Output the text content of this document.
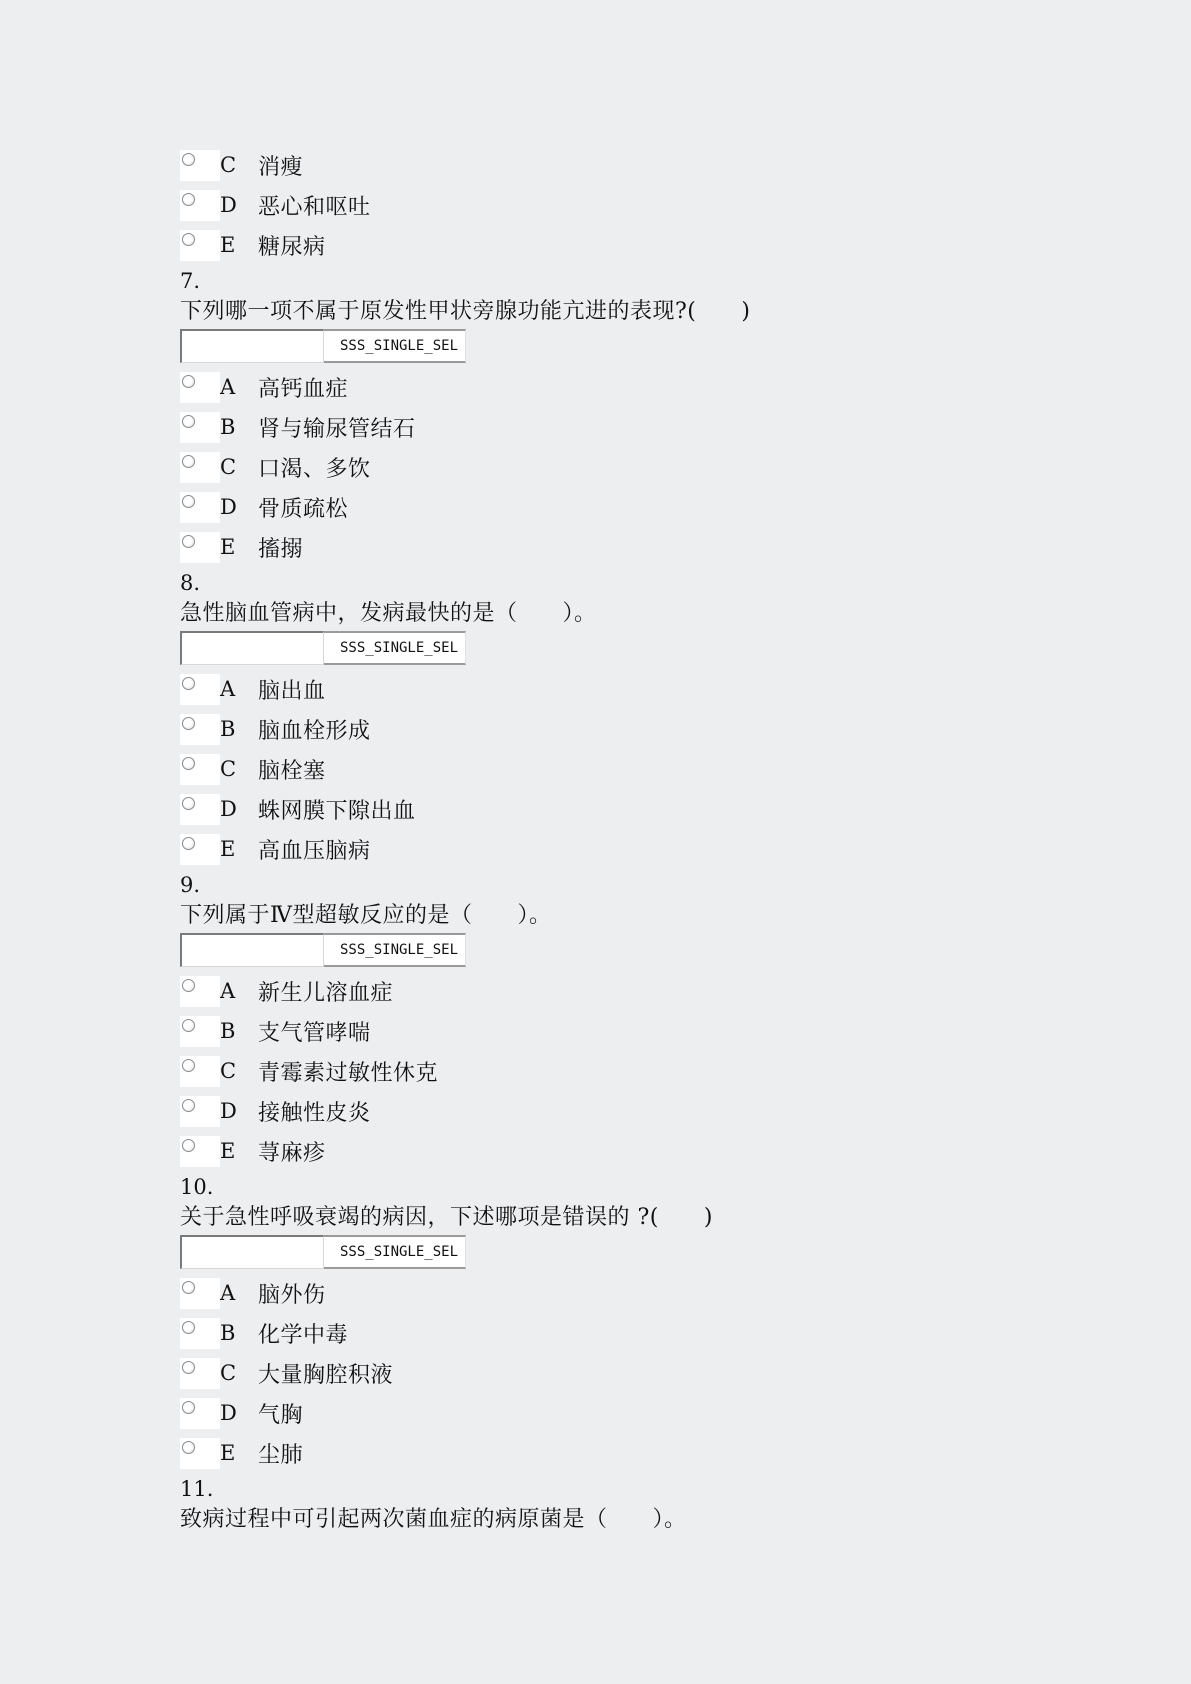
C 消瘦
D 恶心和呕吐
E	糖尿病
7.
下列哪一项不属于原发性甲状旁腺功能亢进的表现?(　　)
SSS_SINGLE_SEL
A	高钙血症
B	肾与输尿管结石
C 口渴、多饮
D 骨质疏松
E	搐搦
8.
急性脑血管病中，发病最快的是（　　）。
SSS_SINGLE_SEL
A	脑出血
B	脑血栓形成
C 脑栓塞
D 蛛网膜下隙出血
E	高血压脑病
9.
下列属于Ⅳ型超敏反应的是（　　）。
SSS_SINGLE_SEL
A	新生儿溶血症
B	支气管哮喘
C 青霉素过敏性休克
D 接触性皮炎
E	荨麻疹
10.
关于急性呼吸衰竭的病因，下述哪项是错误的 ?(　　)
SSS_SINGLE_SEL
A	脑外伤
B	化学中毒
C 大量胸腔积液
D 气胸
E	尘肺
11.
致病过程中可引起两次菌血症的病原菌是（　　）。
